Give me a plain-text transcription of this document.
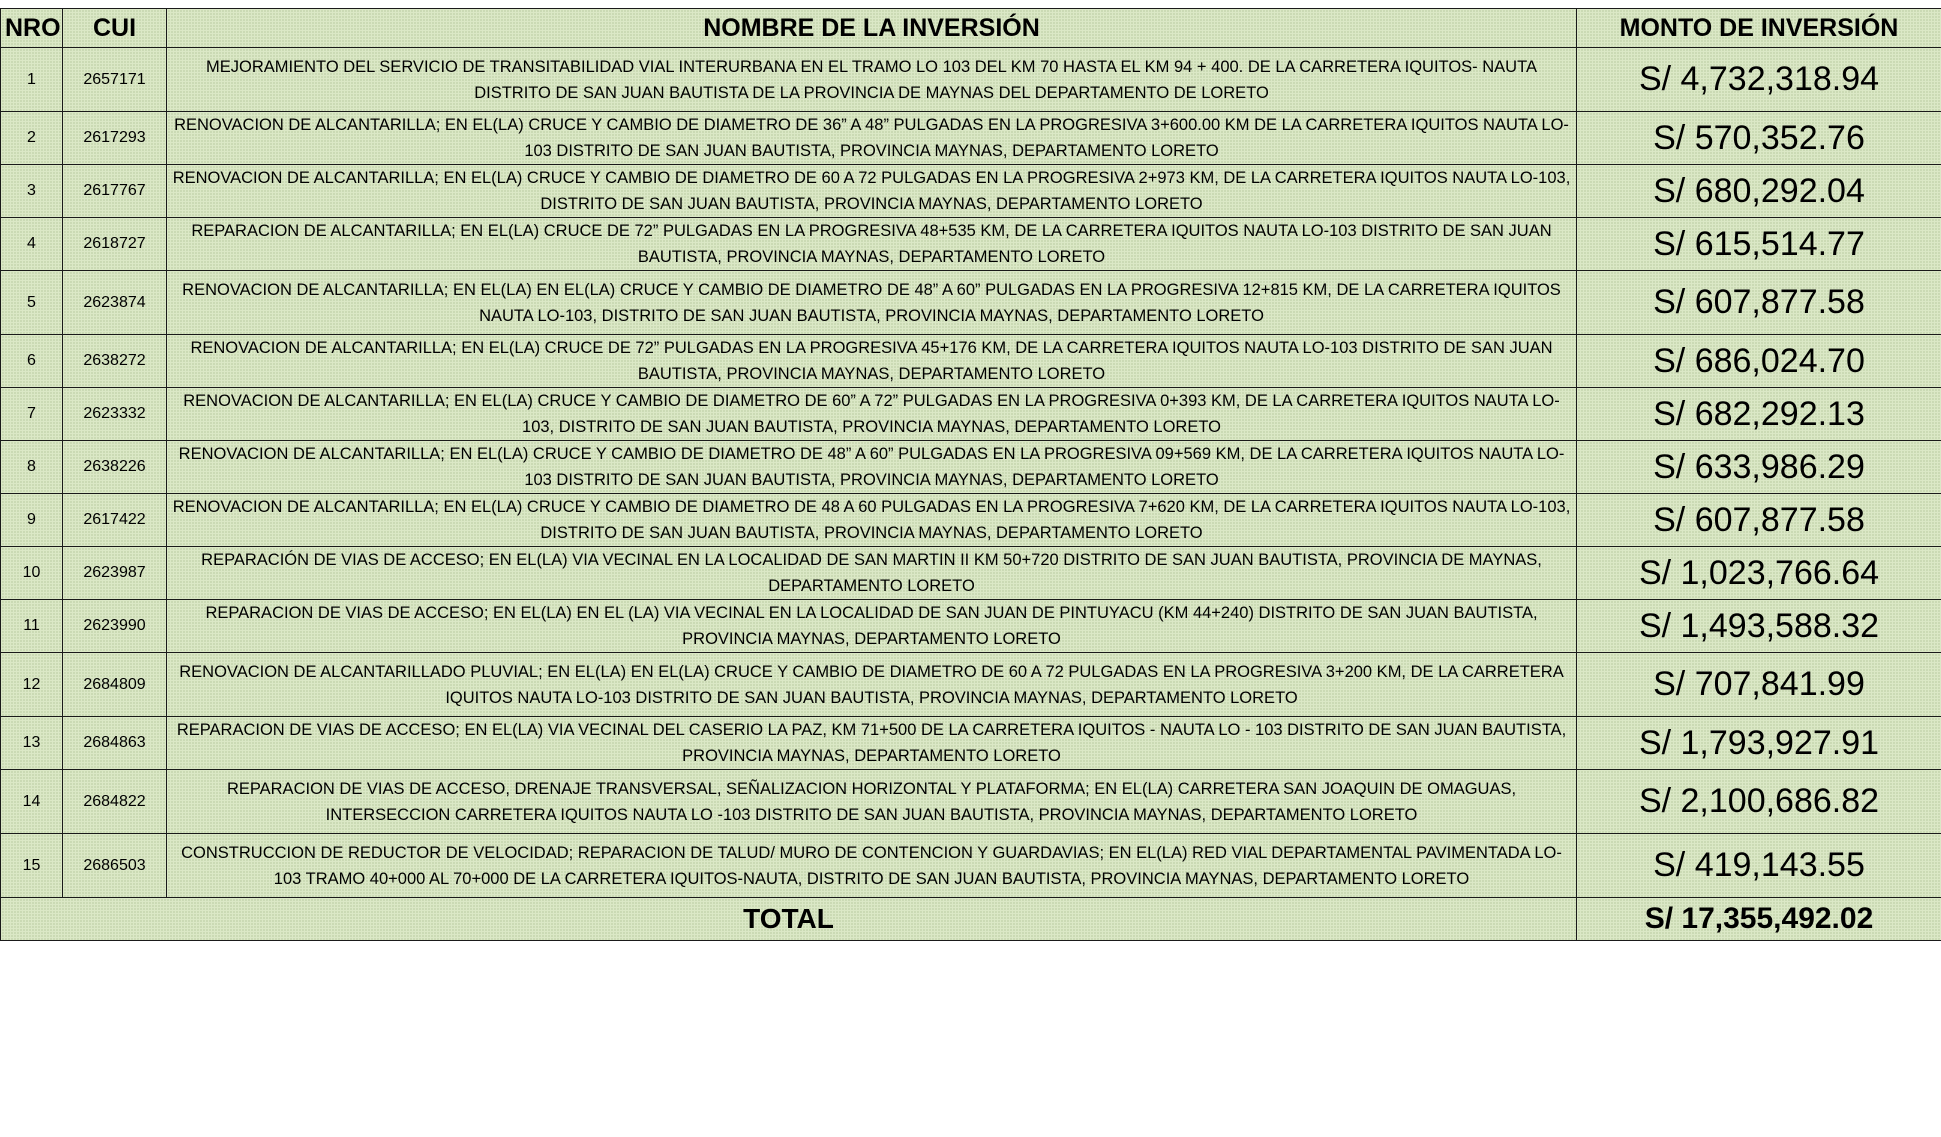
NRO	CUI	NOMBRE DE LA INVERSIÓN	MONTO DE INVERSIÓN
1	2657171	MEJORAMIENTO DEL SERVICIO DE TRANSITABILIDAD VIAL INTERURBANA EN EL TRAMO LO 103 DEL KM 70 HASTA EL KM 94 + 400. DE LA CARRETERA IQUITOS- NAUTA DISTRITO DE SAN JUAN BAUTISTA DE LA PROVINCIA DE MAYNAS DEL DEPARTAMENTO DE LORETO	S/ 4,732,318.94
2	2617293	RENOVACION DE ALCANTARILLA; EN EL(LA) CRUCE Y CAMBIO DE DIAMETRO DE 36” A 48” PULGADAS EN LA PROGRESIVA 3+600.00 KM DE LA CARRETERA IQUITOS NAUTA LO-103 DISTRITO DE SAN JUAN BAUTISTA, PROVINCIA MAYNAS, DEPARTAMENTO LORETO	S/ 570,352.76
3	2617767	RENOVACION DE ALCANTARILLA; EN EL(LA) CRUCE Y CAMBIO DE DIAMETRO DE 60 A 72 PULGADAS EN LA PROGRESIVA 2+973 KM, DE LA CARRETERA IQUITOS NAUTA LO-103, DISTRITO DE SAN JUAN BAUTISTA, PROVINCIA MAYNAS, DEPARTAMENTO LORETO	S/ 680,292.04
4	2618727	REPARACION DE ALCANTARILLA; EN EL(LA) CRUCE DE 72” PULGADAS EN LA PROGRESIVA 48+535 KM, DE LA CARRETERA IQUITOS NAUTA LO-103 DISTRITO DE SAN JUAN BAUTISTA, PROVINCIA MAYNAS, DEPARTAMENTO LORETO	S/ 615,514.77
5	2623874	RENOVACION DE ALCANTARILLA; EN EL(LA) EN EL(LA) CRUCE Y CAMBIO DE DIAMETRO DE 48” A 60” PULGADAS EN LA PROGRESIVA 12+815 KM, DE LA CARRETERA IQUITOS NAUTA LO-103, DISTRITO DE SAN JUAN BAUTISTA, PROVINCIA MAYNAS, DEPARTAMENTO LORETO	S/ 607,877.58
6	2638272	RENOVACION DE ALCANTARILLA; EN EL(LA) CRUCE DE 72” PULGADAS EN LA PROGRESIVA 45+176 KM, DE LA CARRETERA IQUITOS NAUTA LO-103 DISTRITO DE SAN JUAN BAUTISTA, PROVINCIA MAYNAS, DEPARTAMENTO LORETO	S/ 686,024.70
7	2623332	RENOVACION DE ALCANTARILLA; EN EL(LA) CRUCE Y CAMBIO DE DIAMETRO DE 60” A 72” PULGADAS EN LA PROGRESIVA 0+393 KM, DE LA CARRETERA IQUITOS NAUTA LO-103, DISTRITO DE SAN JUAN BAUTISTA, PROVINCIA MAYNAS, DEPARTAMENTO LORETO	S/ 682,292.13
8	2638226	RENOVACION DE ALCANTARILLA; EN EL(LA) CRUCE Y CAMBIO DE DIAMETRO DE 48” A 60” PULGADAS EN LA PROGRESIVA 09+569 KM, DE LA CARRETERA IQUITOS NAUTA LO-103 DISTRITO DE SAN JUAN BAUTISTA, PROVINCIA MAYNAS, DEPARTAMENTO LORETO	S/ 633,986.29
9	2617422	RENOVACION DE ALCANTARILLA; EN EL(LA) CRUCE Y CAMBIO DE DIAMETRO DE 48 A 60 PULGADAS EN LA PROGRESIVA 7+620 KM, DE LA CARRETERA IQUITOS NAUTA LO-103, DISTRITO DE SAN JUAN BAUTISTA, PROVINCIA MAYNAS, DEPARTAMENTO LORETO	S/ 607,877.58
10	2623987	REPARACIÓN DE VIAS DE ACCESO; EN EL(LA) VIA VECINAL EN LA LOCALIDAD DE SAN MARTIN II KM 50+720 DISTRITO DE SAN JUAN BAUTISTA, PROVINCIA DE MAYNAS, DEPARTAMENTO LORETO	S/ 1,023,766.64
11	2623990	REPARACION DE VIAS DE ACCESO; EN EL(LA) EN EL (LA) VIA VECINAL EN LA LOCALIDAD DE SAN JUAN DE PINTUYACU (KM 44+240) DISTRITO DE SAN JUAN BAUTISTA, PROVINCIA MAYNAS, DEPARTAMENTO LORETO	S/ 1,493,588.32
12	2684809	RENOVACION DE ALCANTARILLADO PLUVIAL; EN EL(LA) EN EL(LA) CRUCE Y CAMBIO DE DIAMETRO DE 60 A 72 PULGADAS EN LA PROGRESIVA 3+200 KM, DE LA CARRETERA IQUITOS NAUTA LO-103 DISTRITO DE SAN JUAN BAUTISTA, PROVINCIA MAYNAS, DEPARTAMENTO LORETO	S/ 707,841.99
13	2684863	REPARACION DE VIAS DE ACCESO; EN EL(LA) VIA VECINAL DEL CASERIO LA PAZ, KM 71+500 DE LA CARRETERA IQUITOS - NAUTA LO - 103 DISTRITO DE SAN JUAN BAUTISTA, PROVINCIA MAYNAS, DEPARTAMENTO LORETO	S/ 1,793,927.91
14	2684822	REPARACION DE VIAS DE ACCESO, DRENAJE TRANSVERSAL, SEÑALIZACION HORIZONTAL Y PLATAFORMA; EN EL(LA) CARRETERA SAN JOAQUIN DE OMAGUAS, INTERSECCION CARRETERA IQUITOS NAUTA LO -103 DISTRITO DE SAN JUAN BAUTISTA, PROVINCIA MAYNAS, DEPARTAMENTO LORETO	S/ 2,100,686.82
15	2686503	CONSTRUCCION DE REDUCTOR DE VELOCIDAD; REPARACION DE TALUD/ MURO DE CONTENCION Y GUARDAVIAS; EN EL(LA) RED VIAL DEPARTAMENTAL PAVIMENTADA LO-103 TRAMO 40+000 AL 70+000 DE LA CARRETERA IQUITOS-NAUTA, DISTRITO DE SAN JUAN BAUTISTA, PROVINCIA MAYNAS, DEPARTAMENTO LORETO	S/ 419,143.55
TOTAL			S/ 17,355,492.02
